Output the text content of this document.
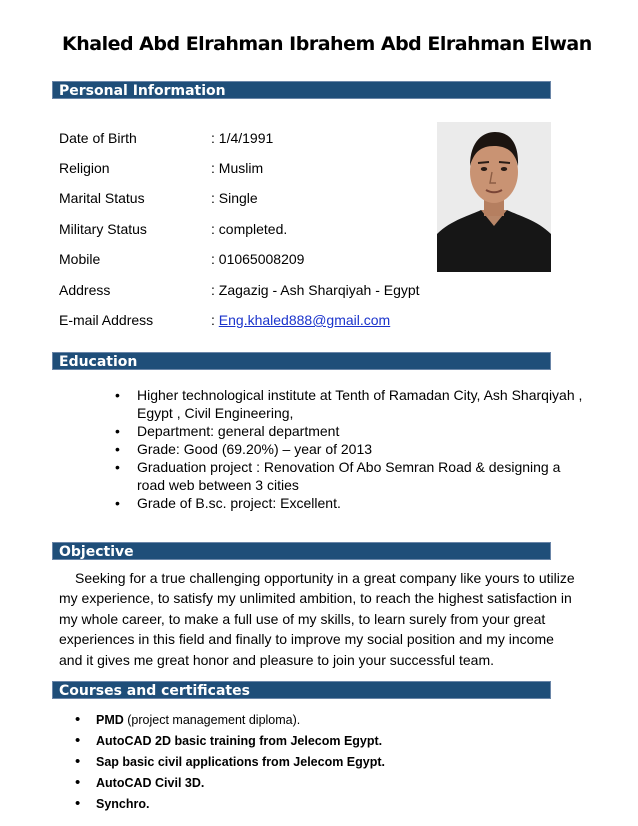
Khaled Abd Elrahman Ibrahem Abd Elrahman Elwan
Personal Information
Date of Birth	: 1/4/1991
Religion	: Muslim
Marital Status	: Single
Military Status	: completed.
Mobile	: 01065008209
Address	: Zagazig - Ash Sharqiyah - Egypt
E-mail Address	: Eng.khaled888@gmail.com
Education
• Higher technological institute at Tenth of Ramadan City, Ash Sharqiyah , Egypt , Civil Engineering,
• Department: general department
• Grade: Good (69.20%) – year of 2013
• Graduation project : Renovation Of Abo Semran Road & designing a road web between 3 cities
• Grade of B.sc. project: Excellent.
Objective
Seeking for a true challenging opportunity in a great company like yours to utilize my experience, to satisfy my unlimited ambition, to reach the highest satisfaction in my whole career, to make a full use of my skills, to learn surely from your great experiences in this field and finally to improve my social position and my income and it gives me great honor and pleasure to join your successful team.
Courses and certificates
• PMD (project management diploma).
• AutoCAD 2D basic training from Jelecom Egypt.
• Sap basic civil applications from Jelecom Egypt.
• AutoCAD Civil 3D.
• Synchro.
